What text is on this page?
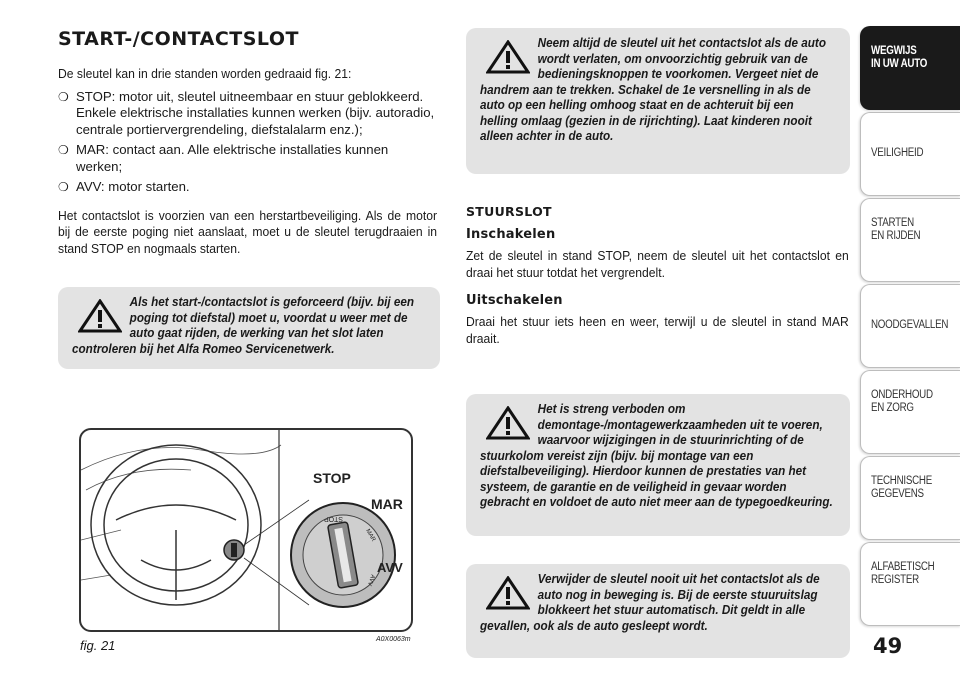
START-/CONTACTSLOT

De sleutel kan in drie standen worden gedraaid fig. 21:

❍ STOP: motor uit, sleutel uitneembaar en stuur geblokkeerd. Enkele elektrische installaties kunnen werken (bijv. autoradio, centrale portiervergrendeling, diefstalalarm enz.);
❍ MAR: contact aan. Alle elektrische installaties kunnen werken;
❍ AVV: motor starten.

Het contactslot is voorzien van een herstartbeveiliging. Als de motor bij de eerste poging niet aanslaat, moet u de sleutel terugdraaien in stand STOP en nogmaals starten.

Als het start-/contactslot is geforceerd (bijv. bij een poging tot diefstal) moet u, voordat u weer met de auto gaat rijden, de werking van het slot laten controleren bij het Alfa Romeo Servicenetwerk.

STOP
MAR
AVV
STOP
MAR
AVV
fig. 21	A0X0063m

Neem altijd de sleutel uit het contactslot als de auto wordt verlaten, om onvoorzichtig gebruik van de bedieningsknoppen te voorkomen. Vergeet niet de handrem aan te trekken. Schakel de 1e versnelling in als de auto op een helling omhoog staat en de achteruit bij een helling omlaag (gezien in de rijrichting). Laat kinderen nooit alleen achter in de auto.

STUURSLOT
Inschakelen

Zet de sleutel in stand STOP, neem de sleutel uit het contactslot en draai het stuur totdat het vergrendelt.

Uitschakelen

Draai het stuur iets heen en weer, terwijl u de sleutel in stand MAR draait.

Het is streng verboden om demontage-/montagewerkzaamheden uit te voeren, waarvoor wijzigingen in de stuurinrichting of de stuurkolom vereist zijn (bijv. bij montage van een diefstalbeveiliging). Hierdoor kunnen de prestaties van het systeem, de garantie en de veiligheid in gevaar worden gebracht en voldoet de auto niet meer aan de typegoedkeuring.

Verwijder de sleutel nooit uit het contactslot als de auto nog in beweging is. Bij de eerste stuuruitslag blokkeert het stuur automatisch. Dit geldt in alle gevallen, ook als de auto gesleept wordt.

WEGWIJS
IN UW AUTO
VEILIGHEID
STARTEN
EN RIJDEN
NOODGEVALLEN
ONDERHOUD
EN ZORG
TECHNISCHE
GEGEVENS
ALFABETISCH
REGISTER
49
